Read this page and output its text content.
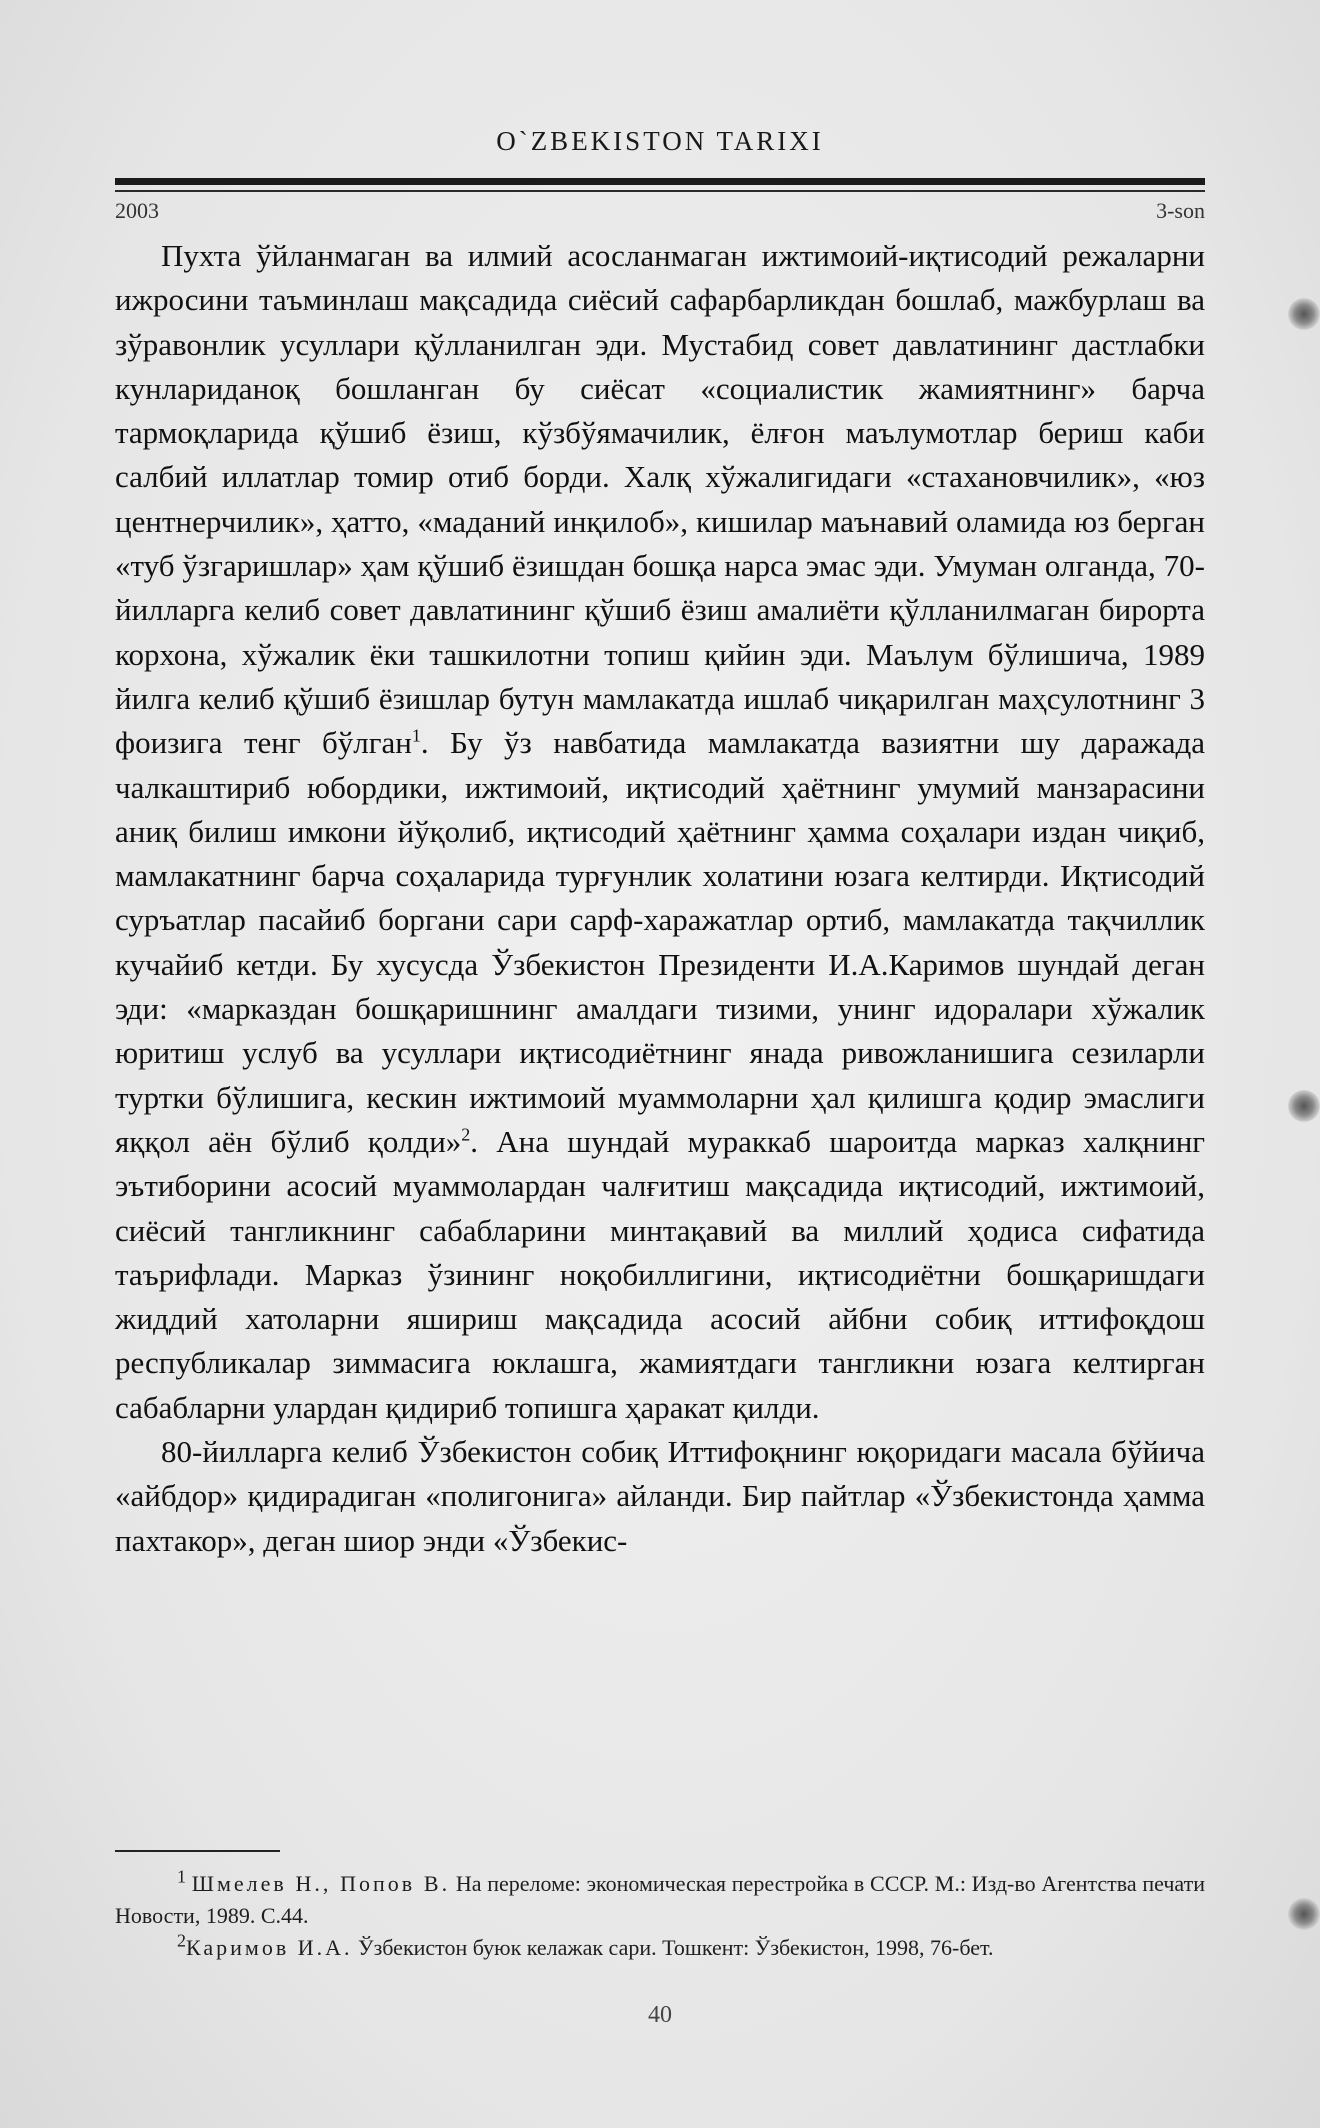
O`ZBEKISTON TARIXI
2003	3-son

Пухта ўйланмаган ва илмий асосланмаган ижтимоий-иқтисодий режаларни ижросини таъминлаш мақсадида сиёсий сафарбарликдан бошлаб, мажбурлаш ва зўравонлик усуллари қўлланилган эди. Мустабид совет давлатининг дастлабки кунлариданоқ бошланган бу сиёсат «социалистик жамиятнинг» барча тармоқларида қўшиб ёзиш, кўзбўямачилик, ёлғон маълумотлар бериш каби салбий иллатлар томир отиб борди. Халқ хўжалигидаги «стахановчилик», «юз центнерчилик», ҳатто, «маданий инқилоб», кишилар маънавий оламида юз берган «туб ўзгаришлар» ҳам қўшиб ёзишдан бошқа нарса эмас эди. Умуман олганда, 70-йилларга келиб совет давлатининг қўшиб ёзиш амалиёти қўлланилмаган бирорта корхона, хўжалик ёки ташкилотни топиш қийин эди. Маълум бўлишича, 1989 йилга келиб қўшиб ёзишлар бутун мамлакатда ишлаб чиқарилган маҳсулотнинг 3 фоизига тенг бўлган$^1$. Бу ўз навбатида мамлакатда вазиятни шу даражада чалкаштириб юбордики, ижтимоий, иқтисодий ҳаётнинг умумий манзарасини аниқ билиш имкони йўқолиб, иқтисодий ҳаётнинг ҳамма соҳалари издан чиқиб, мамлакатнинг барча соҳаларида турғунлик холатини юзага келтирди. Иқтисодий суръатлар пасайиб боргани сари сарф-харажатлар ортиб, мамлакатда тақчиллик кучайиб кетди. Бу хусусда Ўзбекистон Президенти И.А.Каримов шундай деган эди: «марказдан бошқаришнинг амалдаги тизими, унинг идоралари хўжалик юритиш услуб ва усуллари иқтисодиётнинг янада ривожланишига сезиларли туртки бўлишига, кескин ижтимоий муаммоларни ҳал қилишга қодир эмаслиги яққол аён бўлиб қолди»$^2$. Ана шундай мураккаб шароитда марказ халқнинг эътиборини асосий муаммолардан чалғитиш мақсадида иқтисодий, ижтимоий, сиёсий тангликнинг сабабларини минтақавий ва миллий ҳодиса сифатида таърифлади. Марказ ўзининг ноқобиллигини, иқтисодиётни бошқаришдаги жиддий хатоларни яшириш мақсадида асосий айбни собиқ иттифоқдош республикалар зиммасига юклашга, жамиятдаги тангликни юзага келтирган сабабларни улардан қидириб топишга ҳаракат қилди.

80-йилларга келиб Ўзбекистон собиқ Иттифоқнинг юқоридаги масала бўйича «айбдор» қидирадиган «полигонига» айланди. Бир пайтлар «Ўзбекистонда ҳамма пахтакор», деган шиор энди «Ўзбекис-

$^1$ Шмелев Н., Попов В. На переломе: экономическая перестройка в СССР. М.: Изд-во Агентства печати Новости, 1989. С.44.

$^2$Каримов И.А. Ўзбекистон буюк келажак сари. Тошкент: Ўзбекистон, 1998, 76-бет.

40
